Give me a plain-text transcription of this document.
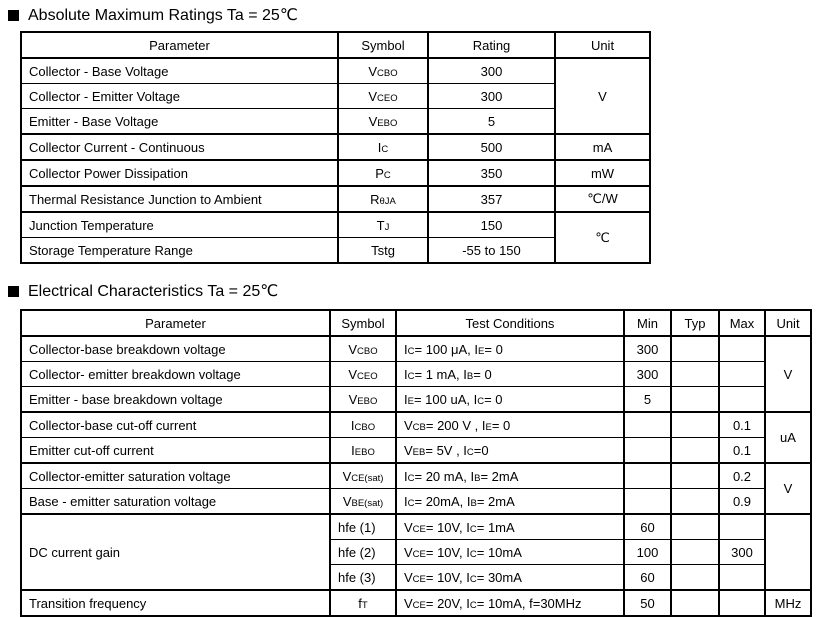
Absolute Maximum Ratings Ta = 25℃
Parameter	Symbol	Rating	Unit
Collector - Base Voltage	VCBO	300	V
Collector - Emitter Voltage	VCEO	300	
Emitter - Base Voltage	VEBO	5	
Collector Current - Continuous	IC	500	mA
Collector Power Dissipation	PC	350	mW
Thermal Resistance Junction to Ambient	RθJA	357	℃/W
Junction Temperature	TJ	150	℃
Storage Temperature Range	Tstg	-55 to 150	
Electrical Characteristics Ta = 25℃
Parameter	Symbol	Test Conditions	Min	Typ	Max	Unit
Collector-base breakdown voltage	VCBO	IC= 100 μA, IE= 0	300			V
Collector- emitter breakdown voltage	VCEO	IC= 1 mA, IB= 0	300			
Emitter - base breakdown voltage	VEBO	IE= 100 uA, IC= 0	5			
Collector-base cut-off current	ICBO	VCB= 200 V , IE= 0			0.1	uA
Emitter cut-off current	IEBO	VEB= 5V , IC=0			0.1	
Collector-emitter saturation voltage	VCE(sat)	IC= 20 mA, IB= 2mA			0.2	V
Base - emitter saturation voltage	VBE(sat)	IC= 20mA, IB= 2mA			0.9	
DC current gain	hfe (1)	VCE= 10V, IC= 1mA	60			
	hfe (2)	VCE= 10V, IC= 10mA	100		300	
	hfe (3)	VCE= 10V, IC= 30mA	60			
Transition frequency	fT	VCE= 20V, IC= 10mA, f=30MHz	50			MHz
